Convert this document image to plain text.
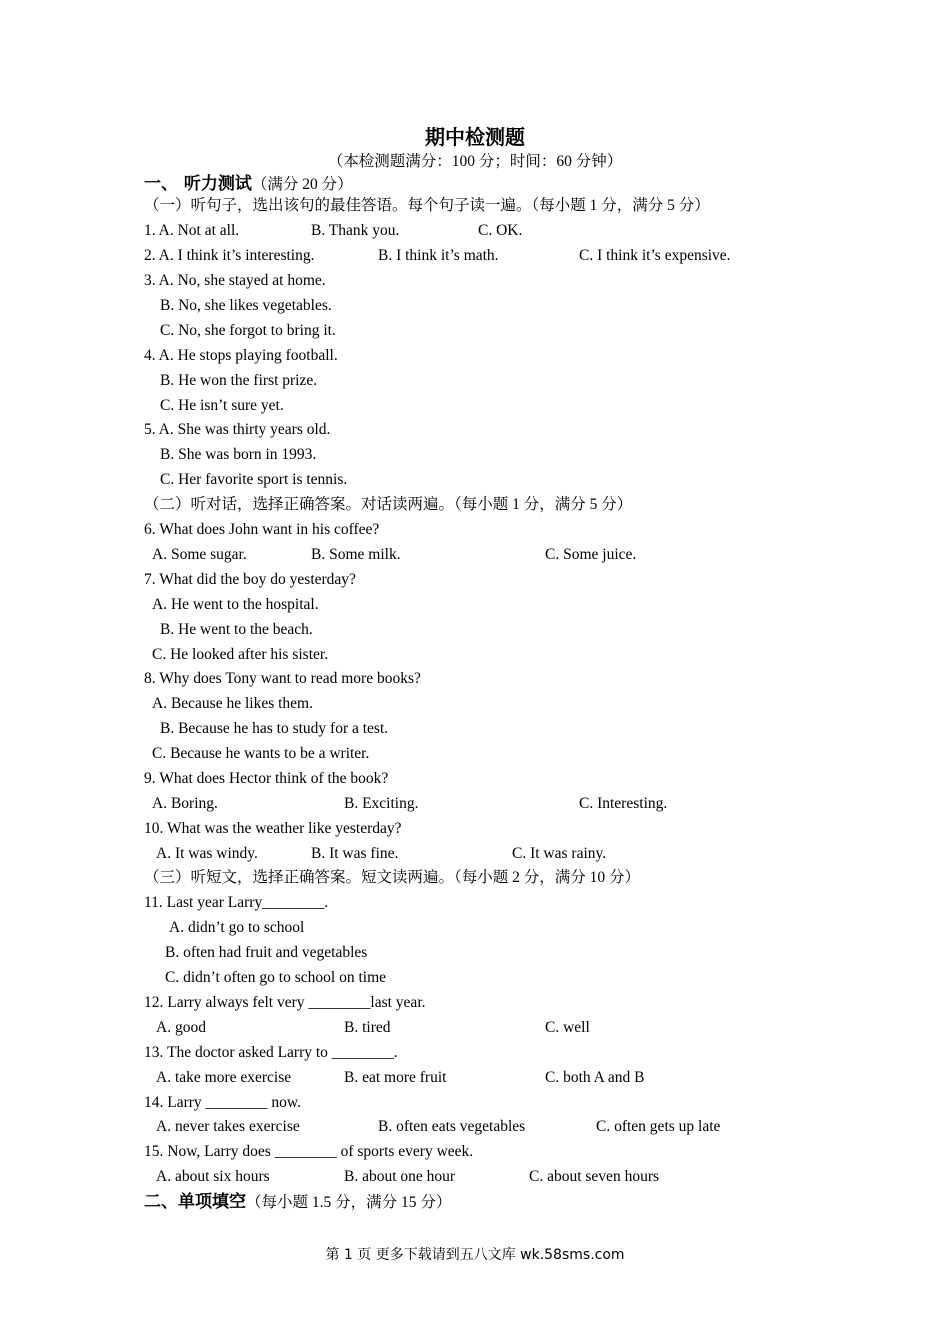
期中检测题
（本检测题满分：100 分；时间：60 分钟）
一、 听力测试（满分 20 分）
（一）听句子，选出该句的最佳答语。每个句子读一遍。（每小题 1 分，满分 5 分）
1. A. Not at all.	B. Thank you.	C. OK.
2. A. I think it’s interesting.	B. I think it’s math.	C. I think it’s expensive.
3. A. No, she stayed at home.
B. No, she likes vegetables.
C. No, she forgot to bring it.
4. A. He stops playing football.
B. He won the first prize.
C. He isn’t sure yet.
5. A. She was thirty years old.
B. She was born in 1993.
C. Her favorite sport is tennis.
（二）听对话，选择正确答案。对话读两遍。（每小题 1 分，满分 5 分）
6. What does John want in his coffee?
A. Some sugar.	B. Some milk.	C. Some juice.
7. What did the boy do yesterday?
A. He went to the hospital.
B. He went to the beach.
C. He looked after his sister.
8. Why does Tony want to read more books?
A. Because he likes them.
B. Because he has to study for a test.
C. Because he wants to be a writer.
9. What does Hector think of the book?
A. Boring.	B. Exciting.	C. Interesting.
10. What was the weather like yesterday?
A. It was windy.	B. It was fine.	C. It was rainy.
（三）听短文，选择正确答案。短文读两遍。（每小题 2 分，满分 10 分）
11. Last year Larry________.
A. didn’t go to school
B. often had fruit and vegetables
C. didn’t often go to school on time
12. Larry always felt very ________last year.
A. good	B. tired	C. well
13. The doctor asked Larry to ________.
A. take more exercise	B. eat more fruit	C. both A and B
14. Larry ________ now.
A. never takes exercise	B. often eats vegetables	C. often gets up late
15. Now, Larry does ________ of sports every week.
A. about six hours	B. about one hour	C. about seven hours
二、单项填空（每小题 1.5 分，满分 15 分）
第 1 页 更多下载请到五八文库 wk.58sms.com
